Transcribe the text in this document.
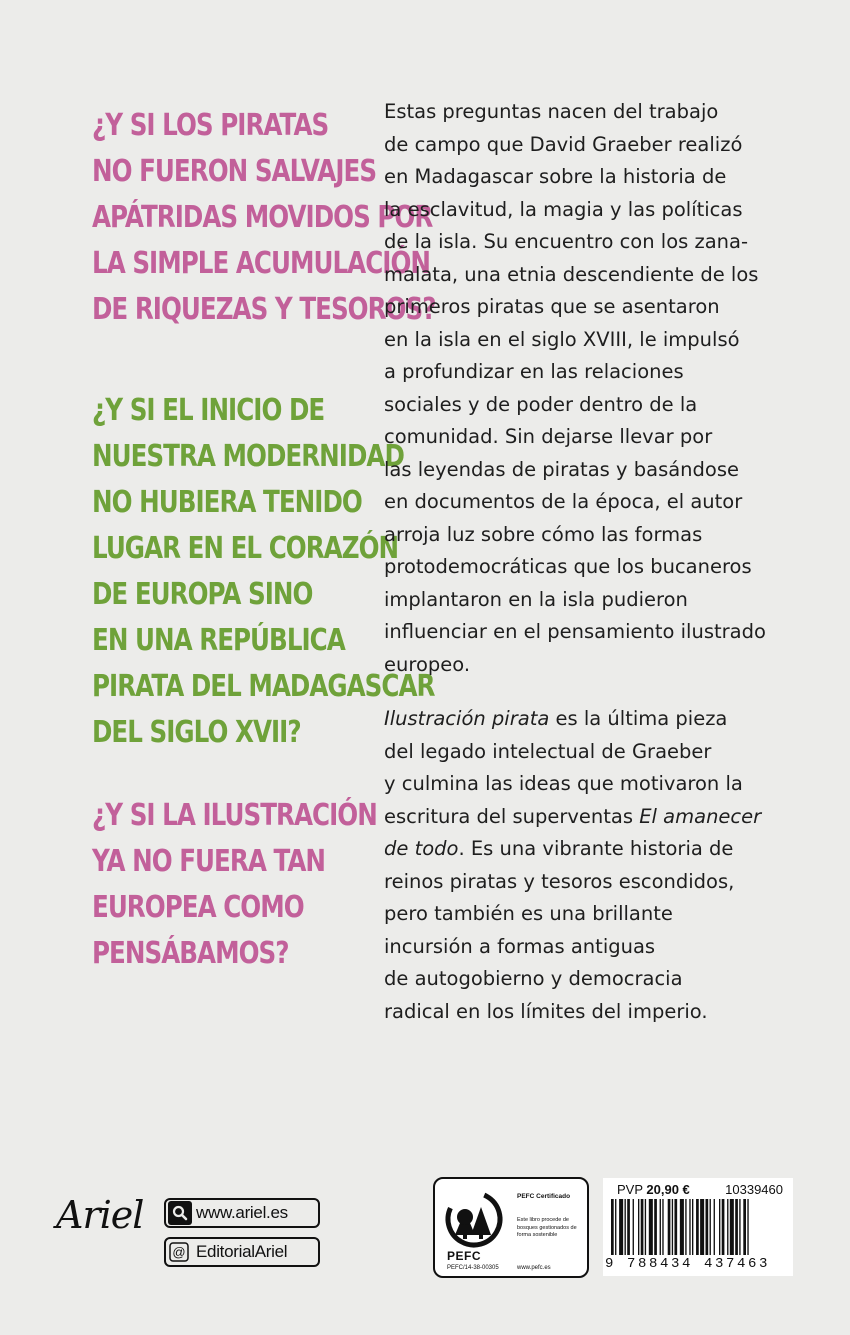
¿Y SI LOS PIRATAS
NO FUERON SALVAJES
APÁTRIDAS MOVIDOS POR
LA SIMPLE ACUMULACIÓN
DE RIQUEZAS Y TESOROS?
¿Y SI EL INICIO DE
NUESTRA MODERNIDAD
NO HUBIERA TENIDO
LUGAR EN EL CORAZÓN
DE EUROPA SINO
EN UNA REPÚBLICA
PIRATA DEL MADAGASCAR
DEL SIGLO XVII?
¿Y SI LA ILUSTRACIÓN
YA NO FUERA TAN
EUROPEA COMO
PENSÁBAMOS?
Estas preguntas nacen del trabajo
de campo que David Graeber realizó
en Madagascar sobre la historia de
la esclavitud, la magia y las políticas
de la isla. Su encuentro con los zana-
malata, una etnia descendiente de los
primeros piratas que se asentaron
en la isla en el siglo XVIII, le impulsó
a profundizar en las relaciones
sociales y de poder dentro de la
comunidad. Sin dejarse llevar por
las leyendas de piratas y basándose
en documentos de la época, el autor
arroja luz sobre cómo las formas
protodemocráticas que los bucaneros
implantaron en la isla pudieron
influenciar en el pensamiento ilustrado
europeo.
Ilustración pirata es la última pieza
del legado intelectual de Graeber
y culmina las ideas que motivaron la
escritura del superventas El amanecer
de todo. Es una vibrante historia de
reinos piratas y tesoros escondidos,
pero también es una brillante
incursión a formas antiguas
de autogobierno y democracia
radical en los límites del imperio.
Ariel	www.ariel.es
@ EditorialAriel	PEFC
PEFC/14-38-00305
PEFC Certificado
Este libro procede de bosques gestionados de forma sostenible
www.pefc.es
PVP 20,90 €	10339460
9 788434 437463
